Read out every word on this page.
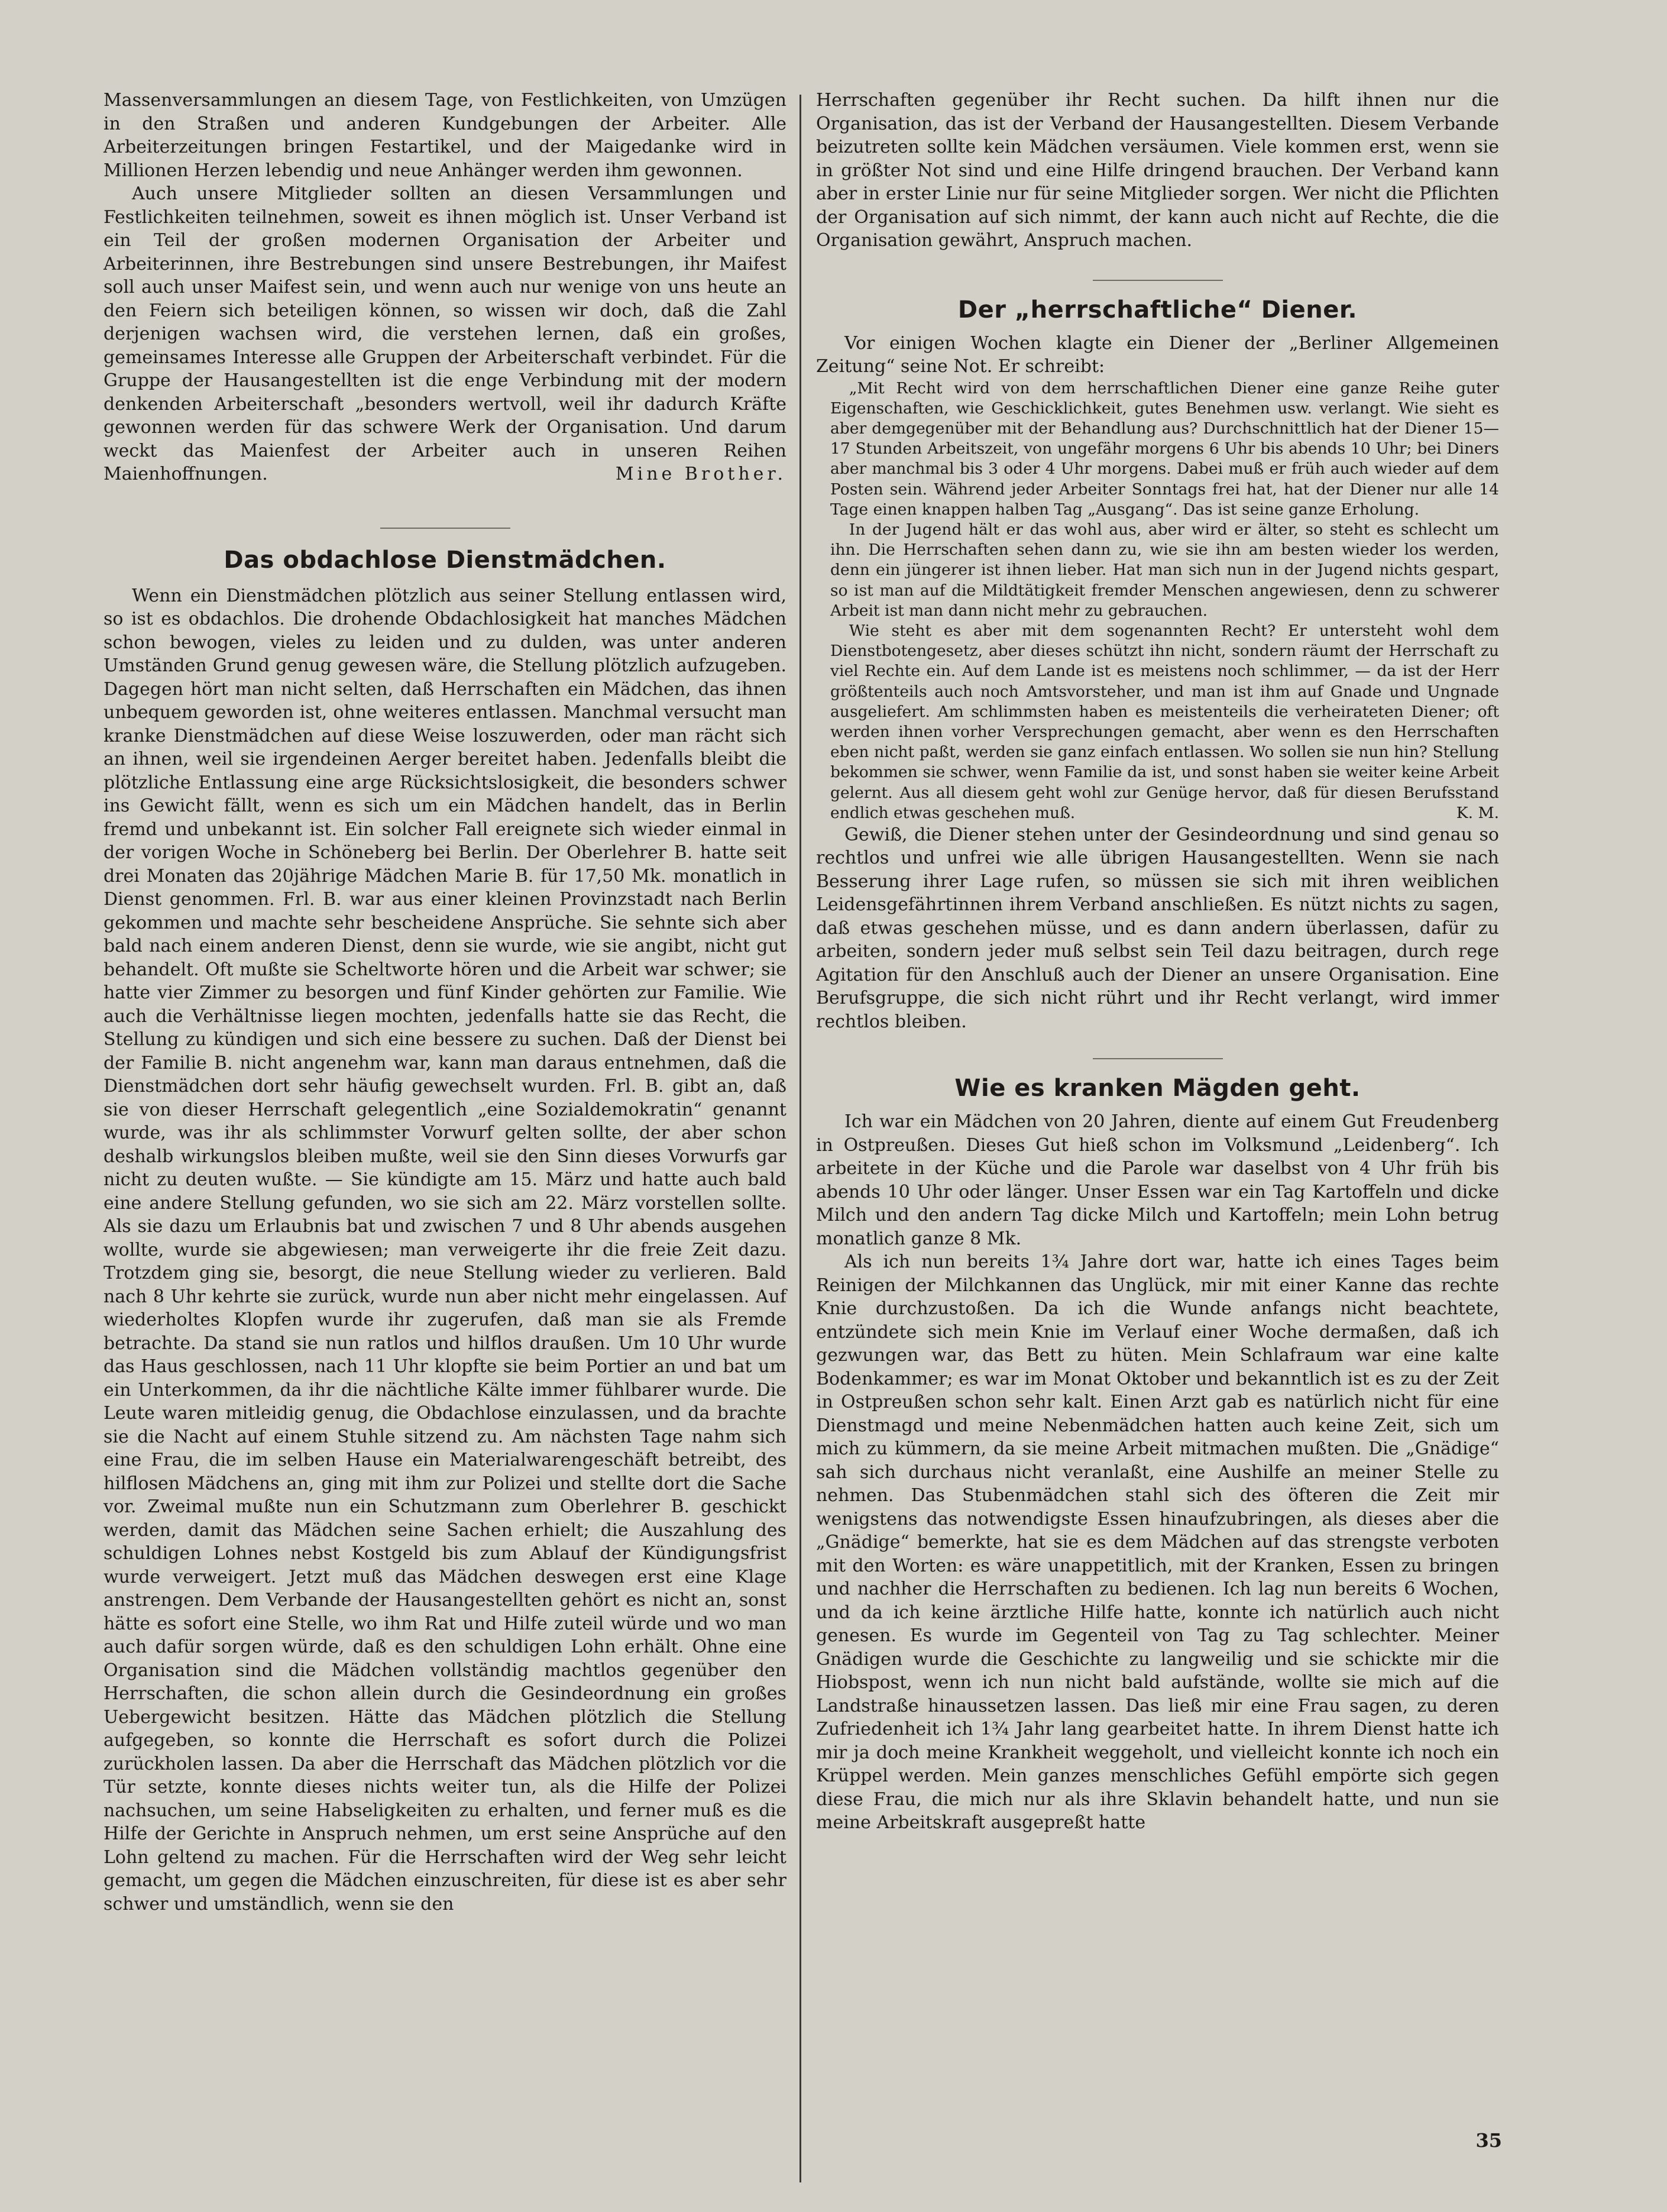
Massenversammlungen an diesem Tage, von Festlichkeiten, von Umzügen in den Straßen und anderen Kundgebungen der Arbeiter. Alle Arbeiterzeitungen bringen Festartikel, und der Maigedanke wird in Millionen Herzen lebendig und neue Anhänger werden ihm gewonnen.

Auch unsere Mitglieder sollten an diesen Versammlungen und Festlichkeiten teilnehmen, soweit es ihnen möglich ist. Unser Verband ist ein Teil der großen modernen Organisation der Arbeiter und Arbeiterinnen, ihre Bestrebungen sind unsere Bestrebungen, ihr Maifest soll auch unser Maifest sein, und wenn auch nur wenige von uns heute an den Feiern sich beteiligen können, so wissen wir doch, daß die Zahl derjenigen wachsen wird, die verstehen lernen, daß ein großes, gemeinsames Interesse alle Gruppen der Arbeiterschaft verbindet. Für die Gruppe der Hausangestellten ist die enge Verbindung mit der modern denkenden Arbeiterschaft „besonders wertvoll, weil ihr dadurch Kräfte gewonnen werden für das schwere Werk der Organisation. Und darum weckt das Maienfest der Arbeiter auch in unseren Reihen Maienhoffnungen.	Mine Brother.

Das obdachlose Dienstmädchen.

Wenn ein Dienstmädchen plötzlich aus seiner Stellung entlassen wird, so ist es obdachlos. Die drohende Obdachlosigkeit hat manches Mädchen schon bewogen, vieles zu leiden und zu dulden, was unter anderen Umständen Grund genug gewesen wäre, die Stellung plötzlich aufzugeben. Dagegen hört man nicht selten, daß Herrschaften ein Mädchen, das ihnen unbequem geworden ist, ohne weiteres entlassen. Manchmal versucht man kranke Dienstmädchen auf diese Weise loszuwerden, oder man rächt sich an ihnen, weil sie irgendeinen Aerger bereitet haben. Jedenfalls bleibt die plötzliche Entlassung eine arge Rücksichtslosigkeit, die besonders schwer ins Gewicht fällt, wenn es sich um ein Mädchen handelt, das in Berlin fremd und unbekannt ist. Ein solcher Fall ereignete sich wieder einmal in der vorigen Woche in Schöneberg bei Berlin. Der Oberlehrer B. hatte seit drei Monaten das 20jährige Mädchen Marie B. für 17,50 Mk. monatlich in Dienst genommen. Frl. B. war aus einer kleinen Provinzstadt nach Berlin gekommen und machte sehr bescheidene Ansprüche. Sie sehnte sich aber bald nach einem anderen Dienst, denn sie wurde, wie sie angibt, nicht gut behandelt. Oft mußte sie Scheltworte hören und die Arbeit war schwer; sie hatte vier Zimmer zu besorgen und fünf Kinder gehörten zur Familie. Wie auch die Verhältnisse liegen mochten, jedenfalls hatte sie das Recht, die Stellung zu kündigen und sich eine bessere zu suchen. Daß der Dienst bei der Familie B. nicht angenehm war, kann man daraus entnehmen, daß die Dienstmädchen dort sehr häufig gewechselt wurden. Frl. B. gibt an, daß sie von dieser Herrschaft gelegentlich „eine Sozialdemokratin“ genannt wurde, was ihr als schlimmster Vorwurf gelten sollte, der aber schon deshalb wirkungslos bleiben mußte, weil sie den Sinn dieses Vorwurfs gar nicht zu deuten wußte. — Sie kündigte am 15. März und hatte auch bald eine andere Stellung gefunden, wo sie sich am 22. März vorstellen sollte. Als sie dazu um Erlaubnis bat und zwischen 7 und 8 Uhr abends ausgehen wollte, wurde sie abgewiesen; man verweigerte ihr die freie Zeit dazu. Trotzdem ging sie, besorgt, die neue Stellung wieder zu verlieren. Bald nach 8 Uhr kehrte sie zurück, wurde nun aber nicht mehr eingelassen. Auf wiederholtes Klopfen wurde ihr zugerufen, daß man sie als Fremde betrachte. Da stand sie nun ratlos und hilflos draußen. Um 10 Uhr wurde das Haus geschlossen, nach 11 Uhr klopfte sie beim Portier an und bat um ein Unterkommen, da ihr die nächtliche Kälte immer fühlbarer wurde. Die Leute waren mitleidig genug, die Obdachlose einzulassen, und da brachte sie die Nacht auf einem Stuhle sitzend zu. Am nächsten Tage nahm sich eine Frau, die im selben Hause ein Materialwarengeschäft betreibt, des hilflosen Mädchens an, ging mit ihm zur Polizei und stellte dort die Sache vor. Zweimal mußte nun ein Schutzmann zum Oberlehrer B. geschickt werden, damit das Mädchen seine Sachen erhielt; die Auszahlung des schuldigen Lohnes nebst Kostgeld bis zum Ablauf der Kündigungsfrist wurde verweigert. Jetzt muß das Mädchen deswegen erst eine Klage anstrengen. Dem Verbande der Hausangestellten gehört es nicht an, sonst hätte es sofort eine Stelle, wo ihm Rat und Hilfe zuteil würde und wo man auch dafür sorgen würde, daß es den schuldigen Lohn erhält. Ohne eine Organisation sind die Mädchen vollständig machtlos gegenüber den Herrschaften, die schon allein durch die Gesindeordnung ein großes Uebergewicht besitzen. Hätte das Mädchen plötzlich die Stellung aufgegeben, so konnte die Herrschaft es sofort durch die Polizei zurückholen lassen. Da aber die Herrschaft das Mädchen plötzlich vor die Tür setzte, konnte dieses nichts weiter tun, als die Hilfe der Polizei nachsuchen, um seine Habseligkeiten zu erhalten, und ferner muß es die Hilfe der Gerichte in Anspruch nehmen, um erst seine Ansprüche auf den Lohn geltend zu machen. Für die Herrschaften wird der Weg sehr leicht gemacht, um gegen die Mädchen einzuschreiten, für diese ist es aber sehr schwer und umständlich, wenn sie den

Herrschaften gegenüber ihr Recht suchen. Da hilft ihnen nur die Organisation, das ist der Verband der Hausangestellten. Diesem Verbande beizutreten sollte kein Mädchen versäumen. Viele kommen erst, wenn sie in größter Not sind und eine Hilfe dringend brauchen. Der Verband kann aber in erster Linie nur für seine Mitglieder sorgen. Wer nicht die Pflichten der Organisation auf sich nimmt, der kann auch nicht auf Rechte, die die Organisation gewährt, Anspruch machen.

Der „herrschaftliche“ Diener.

Vor einigen Wochen klagte ein Diener der „Berliner Allgemeinen Zeitung“ seine Not. Er schreibt:

„Mit Recht wird von dem herrschaftlichen Diener eine ganze Reihe guter Eigenschaften, wie Geschicklichkeit, gutes Benehmen usw. verlangt. Wie sieht es aber demgegenüber mit der Behandlung aus? Durchschnittlich hat der Diener 15—17 Stunden Arbeitszeit, von ungefähr morgens 6 Uhr bis abends 10 Uhr; bei Diners aber manchmal bis 3 oder 4 Uhr morgens. Dabei muß er früh auch wieder auf dem Posten sein. Während jeder Arbeiter Sonntags frei hat, hat der Diener nur alle 14 Tage einen knappen halben Tag „Ausgang“. Das ist seine ganze Erholung.

In der Jugend hält er das wohl aus, aber wird er älter, so steht es schlecht um ihn. Die Herrschaften sehen dann zu, wie sie ihn am besten wieder los werden, denn ein jüngerer ist ihnen lieber. Hat man sich nun in der Jugend nichts gespart, so ist man auf die Mildtätigkeit fremder Menschen angewiesen, denn zu schwerer Arbeit ist man dann nicht mehr zu gebrauchen.

Wie steht es aber mit dem sogenannten Recht? Er untersteht wohl dem Dienstbotengesetz, aber dieses schützt ihn nicht, sondern räumt der Herrschaft zu viel Rechte ein. Auf dem Lande ist es meistens noch schlimmer, — da ist der Herr größtenteils auch noch Amtsvorsteher, und man ist ihm auf Gnade und Ungnade ausgeliefert. Am schlimmsten haben es meistenteils die verheirateten Diener; oft werden ihnen vorher Versprechungen gemacht, aber wenn es den Herrschaften eben nicht paßt, werden sie ganz einfach entlassen. Wo sollen sie nun hin? Stellung bekommen sie schwer, wenn Familie da ist, und sonst haben sie weiter keine Arbeit gelernt. Aus all diesem geht wohl zur Genüge hervor, daß für diesen Berufsstand endlich etwas geschehen muß.	K. M.

Gewiß, die Diener stehen unter der Gesindeordnung und sind genau so rechtlos und unfrei wie alle übrigen Hausangestellten. Wenn sie nach Besserung ihrer Lage rufen, so müssen sie sich mit ihren weiblichen Leidensgefährtinnen ihrem Verband anschließen. Es nützt nichts zu sagen, daß etwas geschehen müsse, und es dann andern überlassen, dafür zu arbeiten, sondern jeder muß selbst sein Teil dazu beitragen, durch rege Agitation für den Anschluß auch der Diener an unsere Organisation. Eine Berufsgruppe, die sich nicht rührt und ihr Recht verlangt, wird immer rechtlos bleiben.

Wie es kranken Mägden geht.

Ich war ein Mädchen von 20 Jahren, diente auf einem Gut Freudenberg in Ostpreußen. Dieses Gut hieß schon im Volksmund „Leidenberg“. Ich arbeitete in der Küche und die Parole war daselbst von 4 Uhr früh bis abends 10 Uhr oder länger. Unser Essen war ein Tag Kartoffeln und dicke Milch und den andern Tag dicke Milch und Kartoffeln; mein Lohn betrug monatlich ganze 8 Mk.

Als ich nun bereits 1¾ Jahre dort war, hatte ich eines Tages beim Reinigen der Milchkannen das Unglück, mir mit einer Kanne das rechte Knie durchzustoßen. Da ich die Wunde anfangs nicht beachtete, entzündete sich mein Knie im Verlauf einer Woche dermaßen, daß ich gezwungen war, das Bett zu hüten. Mein Schlafraum war eine kalte Bodenkammer; es war im Monat Oktober und bekanntlich ist es zu der Zeit in Ostpreußen schon sehr kalt. Einen Arzt gab es natürlich nicht für eine Dienstmagd und meine Nebenmädchen hatten auch keine Zeit, sich um mich zu kümmern, da sie meine Arbeit mitmachen mußten. Die „Gnädige“ sah sich durchaus nicht veranlaßt, eine Aushilfe an meiner Stelle zu nehmen. Das Stubenmädchen stahl sich des öfteren die Zeit mir wenigstens das notwendigste Essen hinaufzubringen, als dieses aber die „Gnädige“ bemerkte, hat sie es dem Mädchen auf das strengste verboten mit den Worten: es wäre unappetitlich, mit der Kranken, Essen zu bringen und nachher die Herrschaften zu bedienen. Ich lag nun bereits 6 Wochen, und da ich keine ärztliche Hilfe hatte, konnte ich natürlich auch nicht genesen. Es wurde im Gegenteil von Tag zu Tag schlechter. Meiner Gnädigen wurde die Geschichte zu langweilig und sie schickte mir die Hiobspost, wenn ich nun nicht bald aufstände, wollte sie mich auf die Landstraße hinaussetzen lassen. Das ließ mir eine Frau sagen, zu deren Zufriedenheit ich 1¾ Jahr lang gearbeitet hatte. In ihrem Dienst hatte ich mir ja doch meine Krankheit weggeholt, und vielleicht konnte ich noch ein Krüppel werden. Mein ganzes menschliches Gefühl empörte sich gegen diese Frau, die mich nur als ihre Sklavin behandelt hatte, und nun sie meine Arbeitskraft ausgepreßt hatte

35
